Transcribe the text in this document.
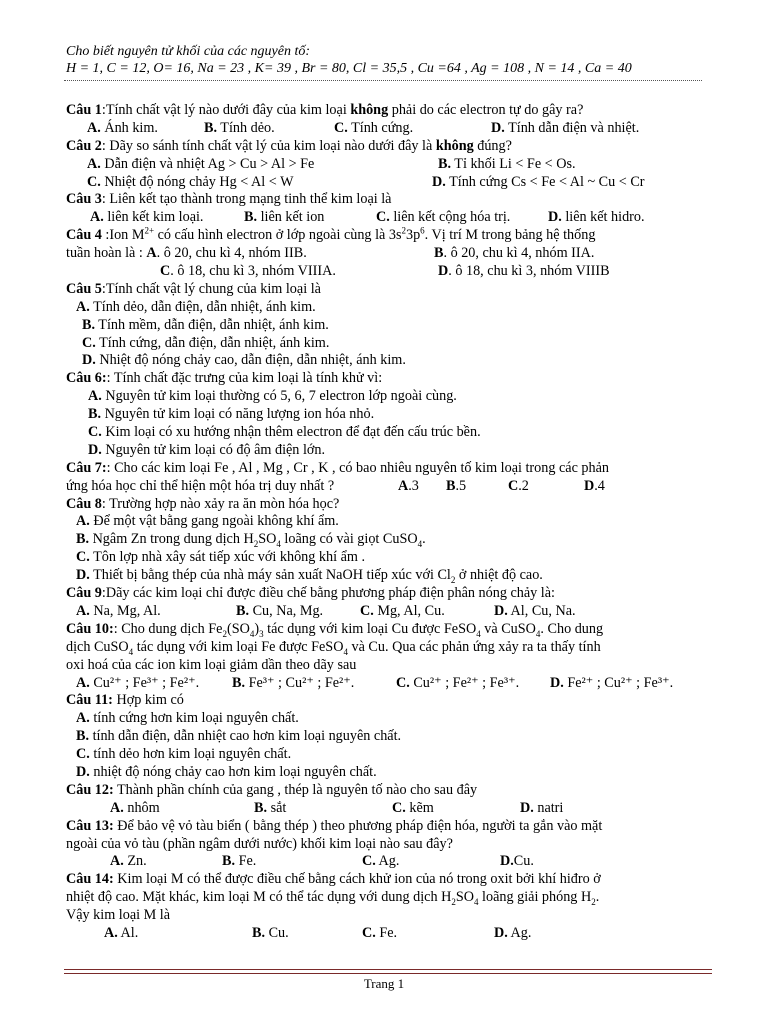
Cho biết nguyên tử khối của các nguyên tố:
H = 1, C = 12, O= 16, Na = 23 , K= 39 , Br = 80, Cl = 35,5 , Cu =64 , Ag = 108 , N = 14 , Ca = 40
Câu 1:Tính chất vật lý nào dưới đây của kim loại không phải do các electron tự do gây ra?
A. Ánh kim.	B. Tính dẻo.	C. Tính cứng.	D. Tính dẫn điện và nhiệt.
Câu 2: Dãy so sánh tính chất vật lý của kim loại nào dưới đây là không đúng?
A. Dẫn điện và nhiệt Ag > Cu > Al > Fe	B. Tỉ khối Li < Fe < Os.
C. Nhiệt độ nóng chảy Hg < Al < W	D. Tính cứng Cs < Fe < Al ~ Cu < Cr
Câu 3: Liên kết tạo thành trong mạng tinh thể kim loại là
A. liên kết kim loại.	B. liên kết ion	C. liên kết cộng hóa trị.	D. liên kết hidro.
Câu 4 :Ion $M^{2+}$ có cấu hình electron ở lớp ngoài cùng là $3s^23p^6$. Vị trí M trong bảng hệ thống
tuần hoàn là : A. ô 20, chu kì 4, nhóm IIB.	B. ô 20, chu kì 4, nhóm IIA.
C. ô 18, chu kì 3, nhóm VIIIA.	D. ô 18, chu kì 3, nhóm VIIIB
Câu 5:Tính chất vật lý chung của kim loại là
A. Tính dẻo, dẫn điện, dẫn nhiệt, ánh kim.
B. Tính mềm, dẫn điện, dẫn nhiệt, ánh kim.
C. Tính cứng, dẫn điện, dẫn nhiệt, ánh kim.
D. Nhiệt độ nóng chảy cao, dẫn điện, dẫn nhiệt, ánh kim.
Câu 6:: Tính chất đặc trưng của kim loại là tính khử vì:
A. Nguyên tử kim loại thường có 5, 6, 7 electron lớp ngoài cùng.
B. Nguyên tử kim loại có năng lượng ion hóa nhỏ.
C. Kim loại có xu hướng nhận thêm electron để đạt đến cấu trúc bền.
D. Nguyên tử kim loại có độ âm điện lớn.
Câu 7:: Cho các kim loại Fe , Al , Mg , Cr , K , có bao nhiêu nguyên tố kim loại trong các phản
ứng hóa học chỉ thể hiện một hóa trị duy nhất ?	A.3 B.5	C.2	D.4
Câu 8: Trường hợp nào xảy ra ăn mòn hóa học?
A. Để một vật bằng gang ngoài không khí ẩm.
B. Ngâm Zn trong dung dịch $H_2SO_4$ loãng có vài giọt CuSO$_4$.
C. Tôn lợp nhà xây sát tiếp xúc với không khí ẩm .
D. Thiết bị bằng thép của nhà máy sản xuất NaOH tiếp xúc với $Cl_2$ ở nhiệt độ cao.
Câu 9:Dãy các kim loại chỉ được điều chế bằng phương pháp điện phân nóng chảy là:
A. Na, Mg, Al.	B. Cu, Na, Mg.	C. Mg, Al, Cu.	D. Al, Cu, Na.
Câu 10:: Cho dung dịch $Fe_2(SO_4)_3$ tác dụng với kim loại Cu được FeSO$_4$ và CuSO$_4$. Cho dung
dịch CuSO$_4$ tác dụng với kim loại Fe được FeSO$_4$ và Cu. Qua các phản ứng xảy ra ta thấy tính
oxi hoá của các ion kim loại giảm dần theo dãy sau
A. Cu²⁺ ; Fe³⁺ ; Fe²⁺. B. Fe³⁺ ; Cu²⁺ ; Fe²⁺.	C. Cu²⁺ ; Fe²⁺ ; Fe³⁺. D. Fe²⁺ ; Cu²⁺ ; Fe³⁺.
Câu 11: Hợp kim có
A. tính cứng hơn kim loại nguyên chất.
B. tính dẫn điện, dẫn nhiệt cao hơn kim loại nguyên chất.
C. tính dẻo hơn kim loại nguyên chất.
D. nhiệt độ nóng chảy cao hơn kim loại nguyên chất.
Câu 12: Thành phần chính của gang , thép là nguyên tố nào cho sau đây
A. nhôm	B. sắt	C. kẽm	D. natri
Câu 13: Để bảo vệ vỏ tàu biển ( bằng thép ) theo phương pháp điện hóa, người ta gắn vào mặt
ngoài của vỏ tàu (phần ngâm dưới nước) khối kim loại nào sau đây?
A. Zn.	B. Fe.	C. Ag.	D.Cu.
Câu 14: Kim loại M có thể được điều chế bằng cách khử ion của nó trong oxit bởi khí hiđro ở
nhiệt độ cao. Mặt khác, kim loại M có thể tác dụng với dung dịch $H_2SO_4$ loãng giải phóng $H_2$.
Vậy kim loại M là
A. Al.	B. Cu.	C. Fe.	D. Ag.
Trang 1
